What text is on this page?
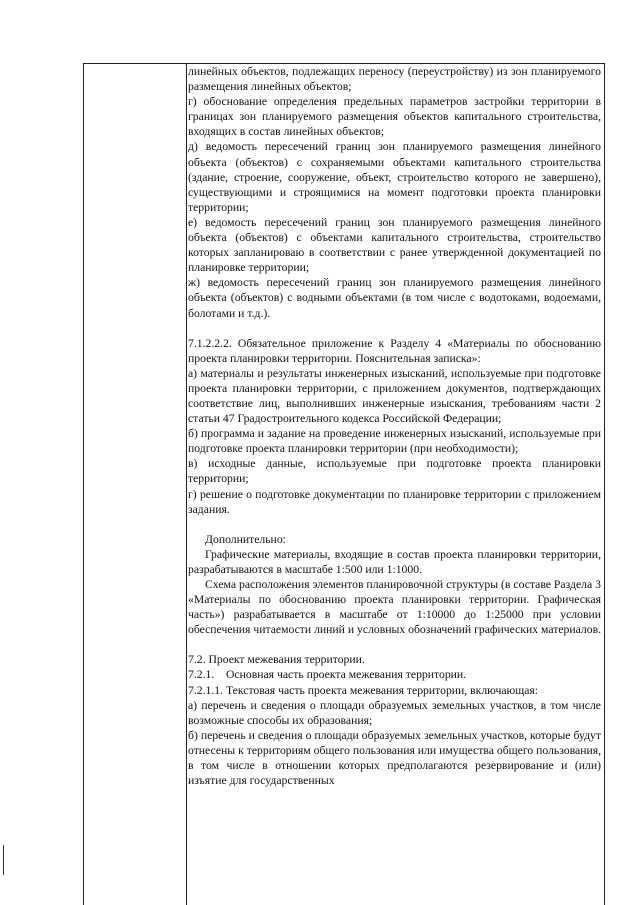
линейных объектов, подлежащих переносу (переустройству) из зон планируемого размещения линейных объектов;

г) обоснование определения предельных параметров застройки территории в границах зон планируемого размещения объектов капитального строительства, входящих в состав линейных объектов;

д) ведомость пересечений границ зон планируемого размещения линейного объекта (объектов) с сохраняемыми объектами капитального строительства (здание, строение, сооружение, объект, строительство которого не завершено), существующими и строящимися на момент подготовки проекта планировки территории;

е) ведомость пересечений границ зон планируемого размещения линейного объекта (объектов) с объектами капитального строительства, строительство которых запланироваю в соответствии с ранее утвержденной документацией по планировке территории;

ж) ведомость пересечений границ зон планируемого размещения линейного объекта (объектов) с водными объектами (в том числе с водотоками, водоемами, болотами и т.д.).

7.1.2.2.2. Обязательное приложение к Разделу 4 «Материалы по обоснованию проекта планировки территории. Пояснительная записка»:

а) материалы и результаты инженерных изысканий, используемые при подготовке проекта планировки территории, с приложением документов, подтверждающих соответствие лиц, выполнивших инженерные изыскания, требованиям части 2 статьи 47 Градостроительного кодекса Российской Федерации;

б) программа и задание на проведение инженерных изысканий, используемые при подготовке проекта планировки территории (при необходимости);

в) исходные данные, используемые при подготовке проекта планировки территории;

г) решение о подготовке документации по планировке территории с приложением задания.

Дополнительно:

Графические материалы, входящие в состав проекта планировки территории, разрабатываются в масштабе 1:500 или 1:1000.

Схема расположения элементов планировочной структуры (в составе Раздела 3 «Материалы по обоснованию проекта планировки территории. Графическая часть») разрабатывается в масштабе от 1:10000 до 1:25000 при условии обеспечения читаемости линий и условных обозначений графических материалов.

7.2. Проект межевания территории.

7.2.1.    Основная часть проекта межевания территории.

7.2.1.1. Текстовая часть проекта межевания территории, включающая:

а) перечень и сведения о площади образуемых земельных участков, в том числе возможные способы их образования;

б) перечень и сведения о площади образуемых земельных участков, которые будут отнесены к территориям общего пользования или имущества общего пользования, в том числе в отношении которых предполагаются резервирование и (или) изъятие для государственных
